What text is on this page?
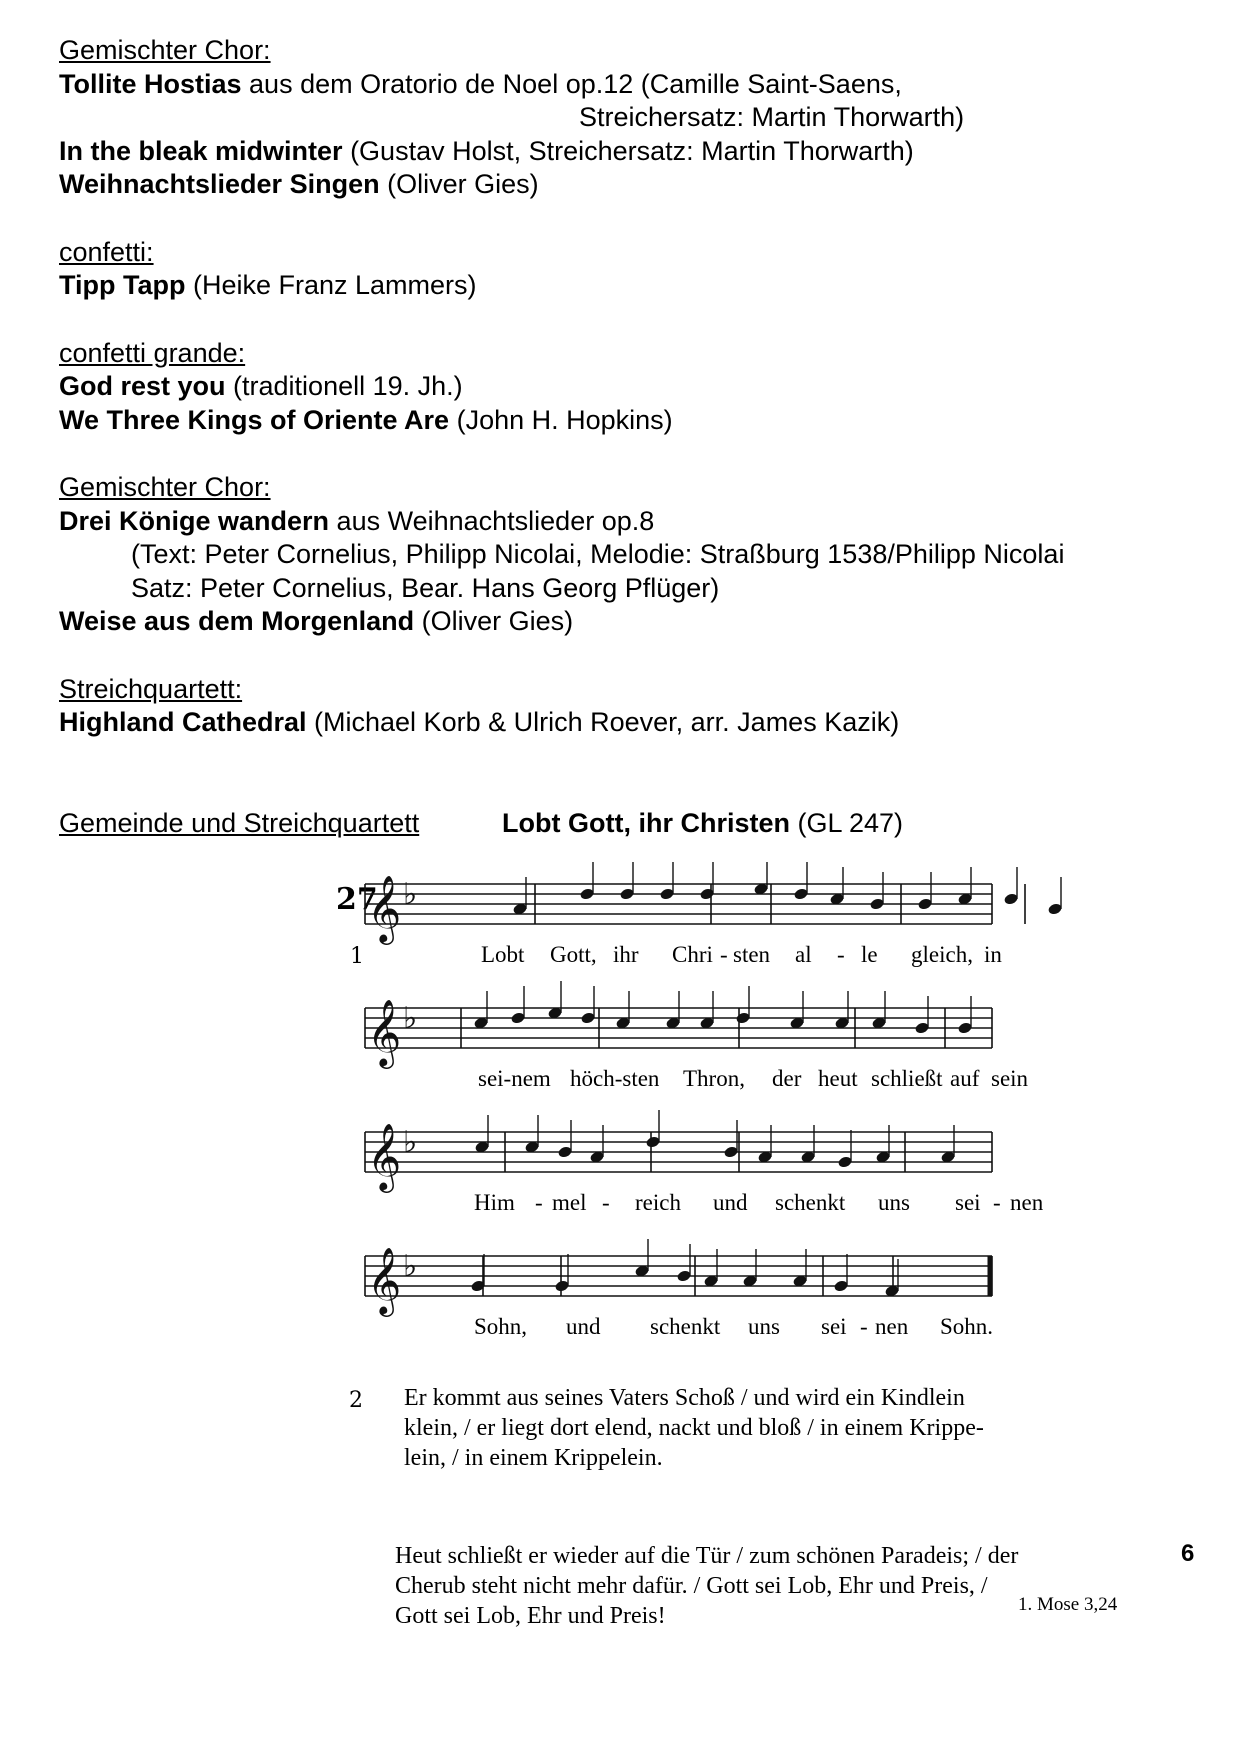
Gemischter Chor:
Tollite Hostias aus dem Oratorio de Noel op.12 (Camille Saint-Saens,
Streichersatz: Martin Thorwarth)
In the bleak midwinter (Gustav Holst, Streichersatz: Martin Thorwarth)
Weihnachtslieder Singen (Oliver Gies)
confetti:
Tipp Tapp (Heike Franz Lammers)
confetti grande:
God rest you (traditionell 19. Jh.)
We Three Kings of Oriente Are (John H. Hopkins)
Gemischter Chor:
Drei Könige wandern aus Weihnachtslieder op.8
(Text: Peter Cornelius, Philipp Nicolai, Melodie: Straßburg 1538/Philipp Nicolai
Satz: Peter Cornelius, Bear. Hans Georg Pflüger)
Weise aus dem Morgenland (Oliver Gies)
Streichquartett:
Highland Cathedral (Michael Korb & Ulrich Roever, arr. James Kazik)
Gemeinde und Streichquartett	Lobt Gott, ihr Christen (GL 247)
27
1
𝄞 ♭
𝄞 ♭
𝄞 ♭
𝄞 ♭
Lobt Gott, ihr Chri - sten al - le gleich, in
sei-nem höch-sten Thron, der heut schließt auf sein
Him - mel - reich und schenkt uns sei - nen
Sohn, und schenkt uns sei - nen Sohn.
2 Er kommt aus seines Vaters Schoß / und wird ein Kindlein
klein, / er liegt dort elend, nackt und bloß / in einem Krippe-
lein, / in einem Krippelein.
Heut schließt er wieder auf die Tür / zum schönen Paradeis; / der
Cherub steht nicht mehr dafür. / Gott sei Lob, Ehr und Preis, /
Gott sei Lob, Ehr und Preis!	1. Mose 3,24
6
